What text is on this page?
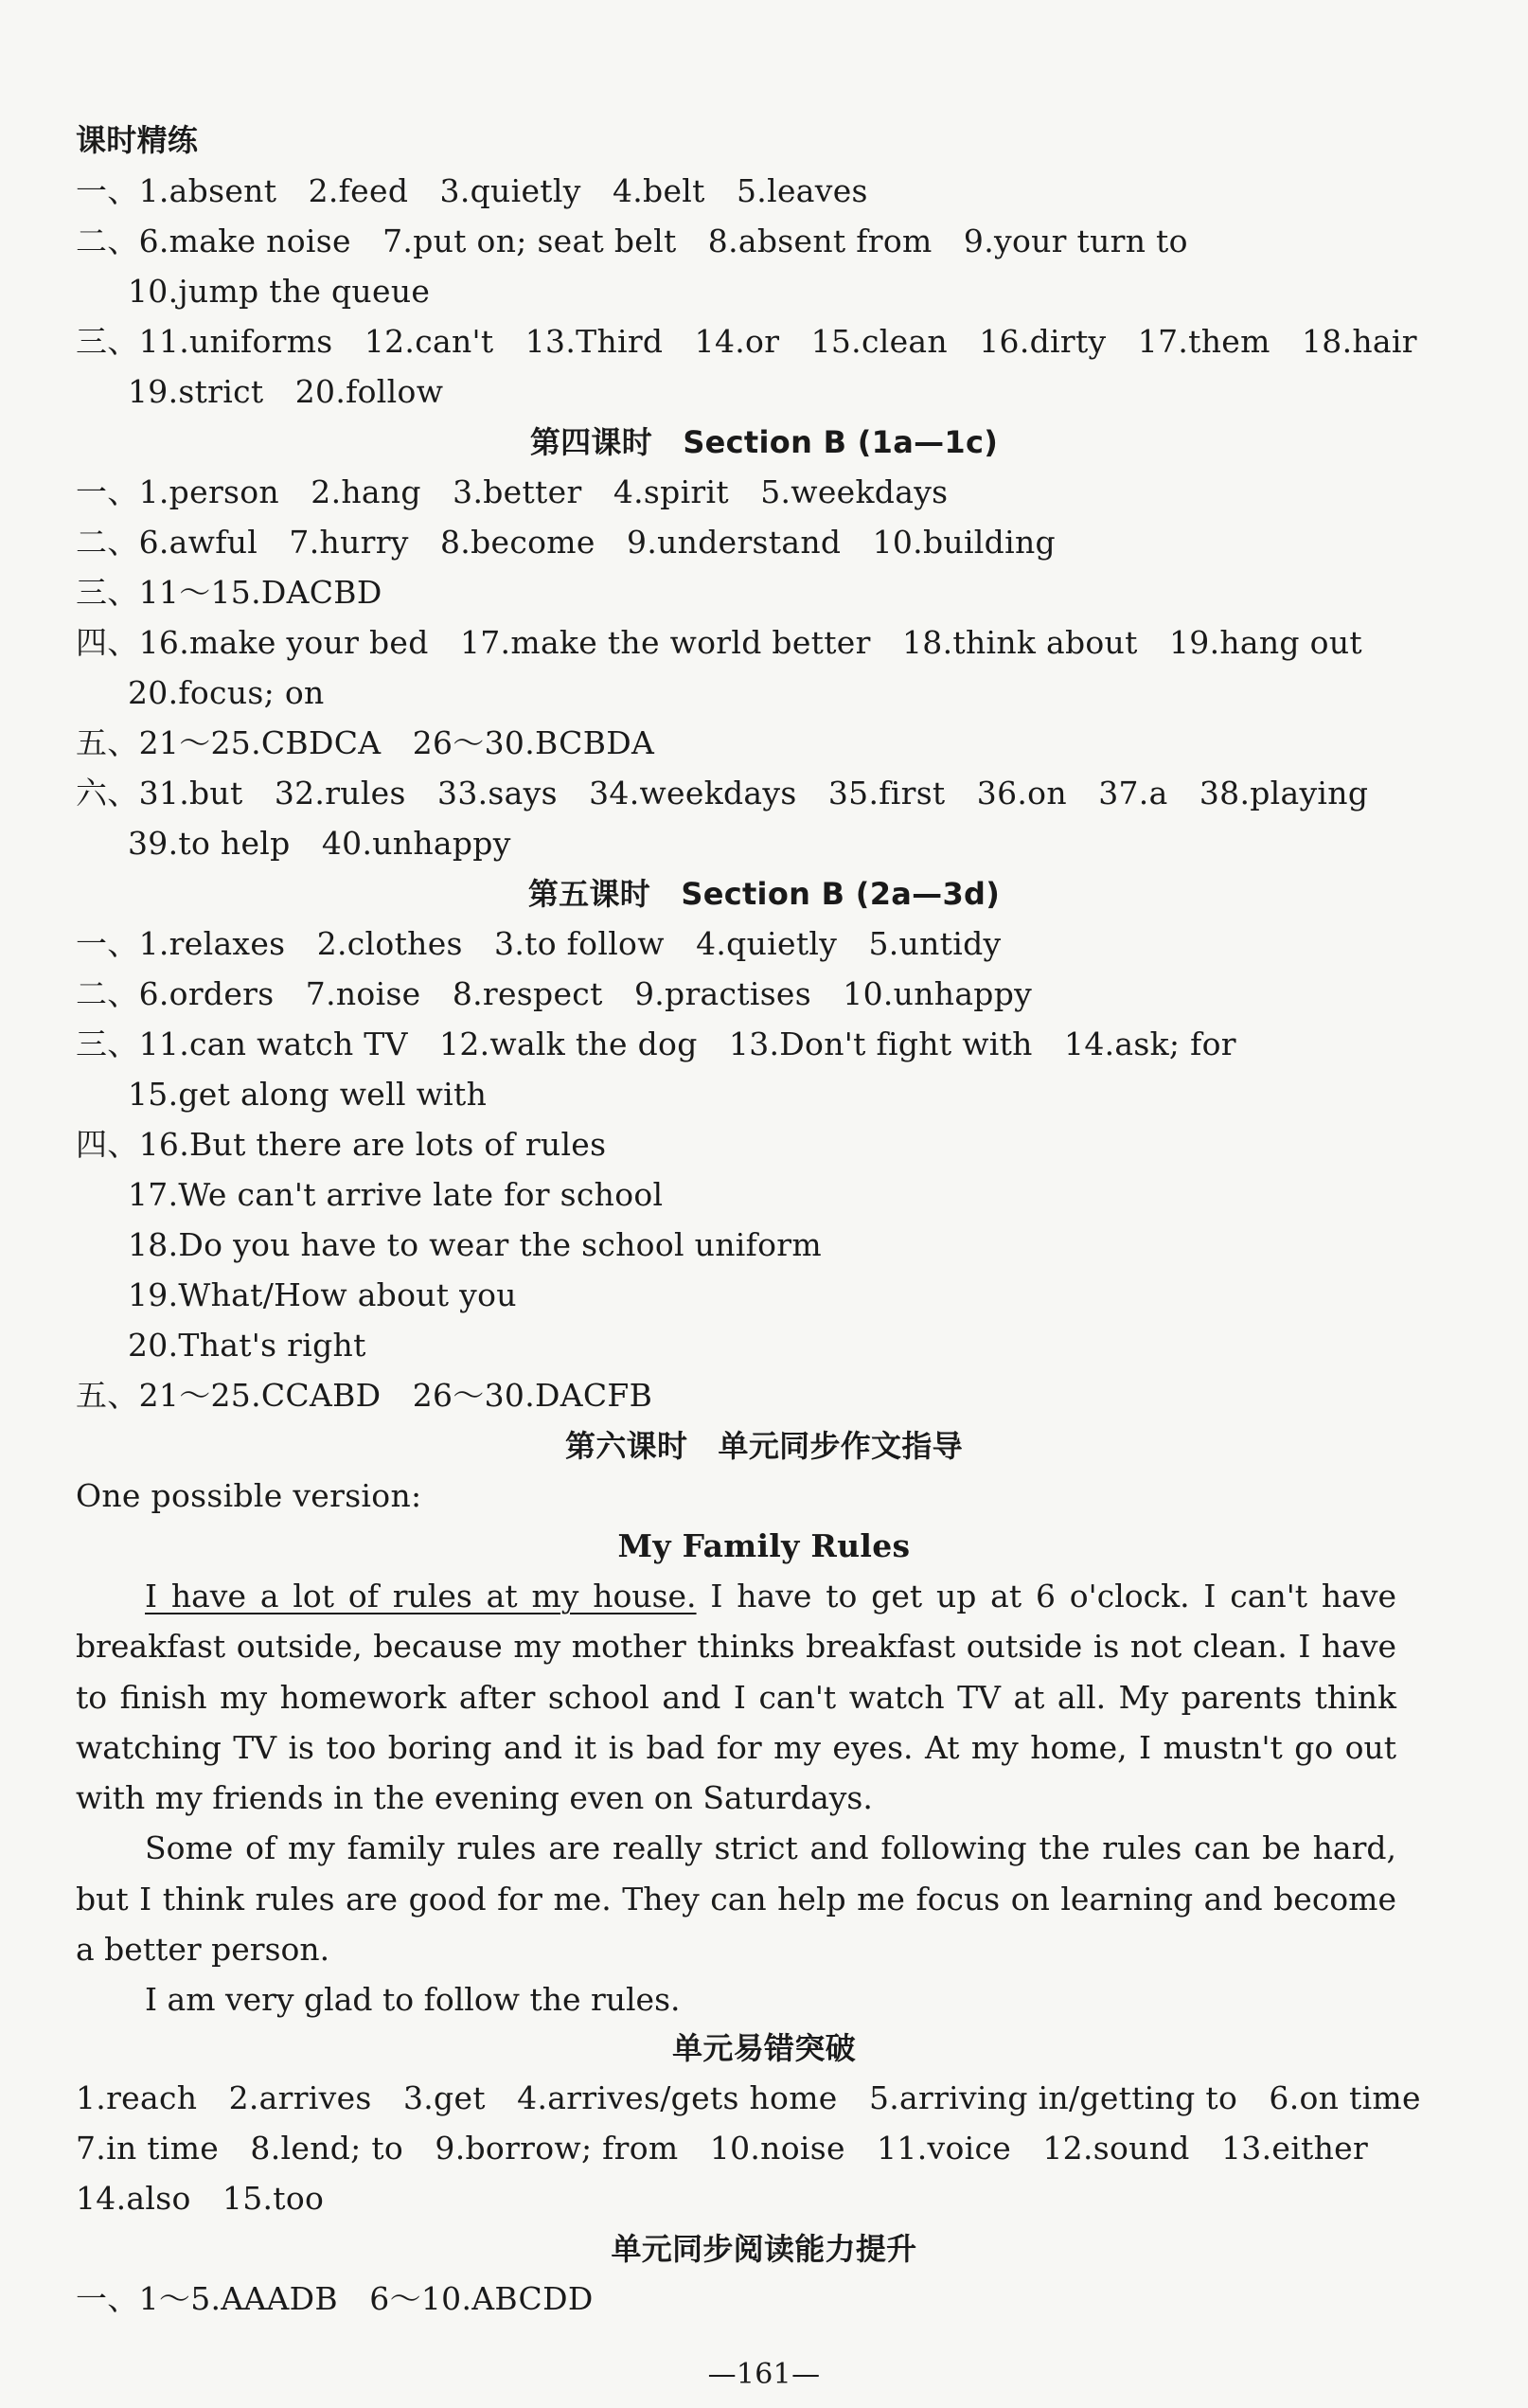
课时精练
一、1.absent　2.feed　3.quietly　4.belt　5.leaves
二、6.make noise　7.put on; seat belt　8.absent from　9.your turn to
10.jump the queue
三、11.uniforms　12.can't　13.Third　14.or　15.clean　16.dirty　17.them　18.hair
19.strict　20.follow
第四课时　Section B (1a—1c)
一、1.person　2.hang　3.better　4.spirit　5.weekdays
二、6.awful　7.hurry　8.become　9.understand　10.building
三、11～15.DACBD
四、16.make your bed　17.make the world better　18.think about　19.hang out
20.focus; on
五、21～25.CBDCA　26～30.BCBDA
六、31.but　32.rules　33.says　34.weekdays　35.first　36.on　37.a　38.playing
39.to help　40.unhappy
第五课时　Section B (2a—3d)
一、1.relaxes　2.clothes　3.to follow　4.quietly　5.untidy
二、6.orders　7.noise　8.respect　9.practises　10.unhappy
三、11.can watch TV　12.walk the dog　13.Don't fight with　14.ask; for
15.get along well with
四、16.But there are lots of rules
17.We can't arrive late for school
18.Do you have to wear the school uniform
19.What/How about you
20.That's right
五、21～25.CCABD　26～30.DACFB
第六课时　单元同步作文指导
One possible version:
My Family Rules

I have a lot of rules at my house. I have to get up at 6 o'clock. I can't have breakfast outside, because my mother thinks breakfast outside is not clean. I have to finish my homework after school and I can't watch TV at all. My parents think watching TV is too boring and it is bad for my eyes. At my home, I mustn't go out with my friends in the evening even on Saturdays.

Some of my family rules are really strict and following the rules can be hard, but I think rules are good for me. They can help me focus on learning and become a better person.

I am very glad to follow the rules.

单元易错突破
1.reach　2.arrives　3.get　4.arrives/gets home　5.arriving in/getting to　6.on time
7.in time　8.lend; to　9.borrow; from　10.noise　11.voice　12.sound　13.either
14.also　15.too
单元同步阅读能力提升
一、1～5.AAADB　6～10.ABCDD
—161—
